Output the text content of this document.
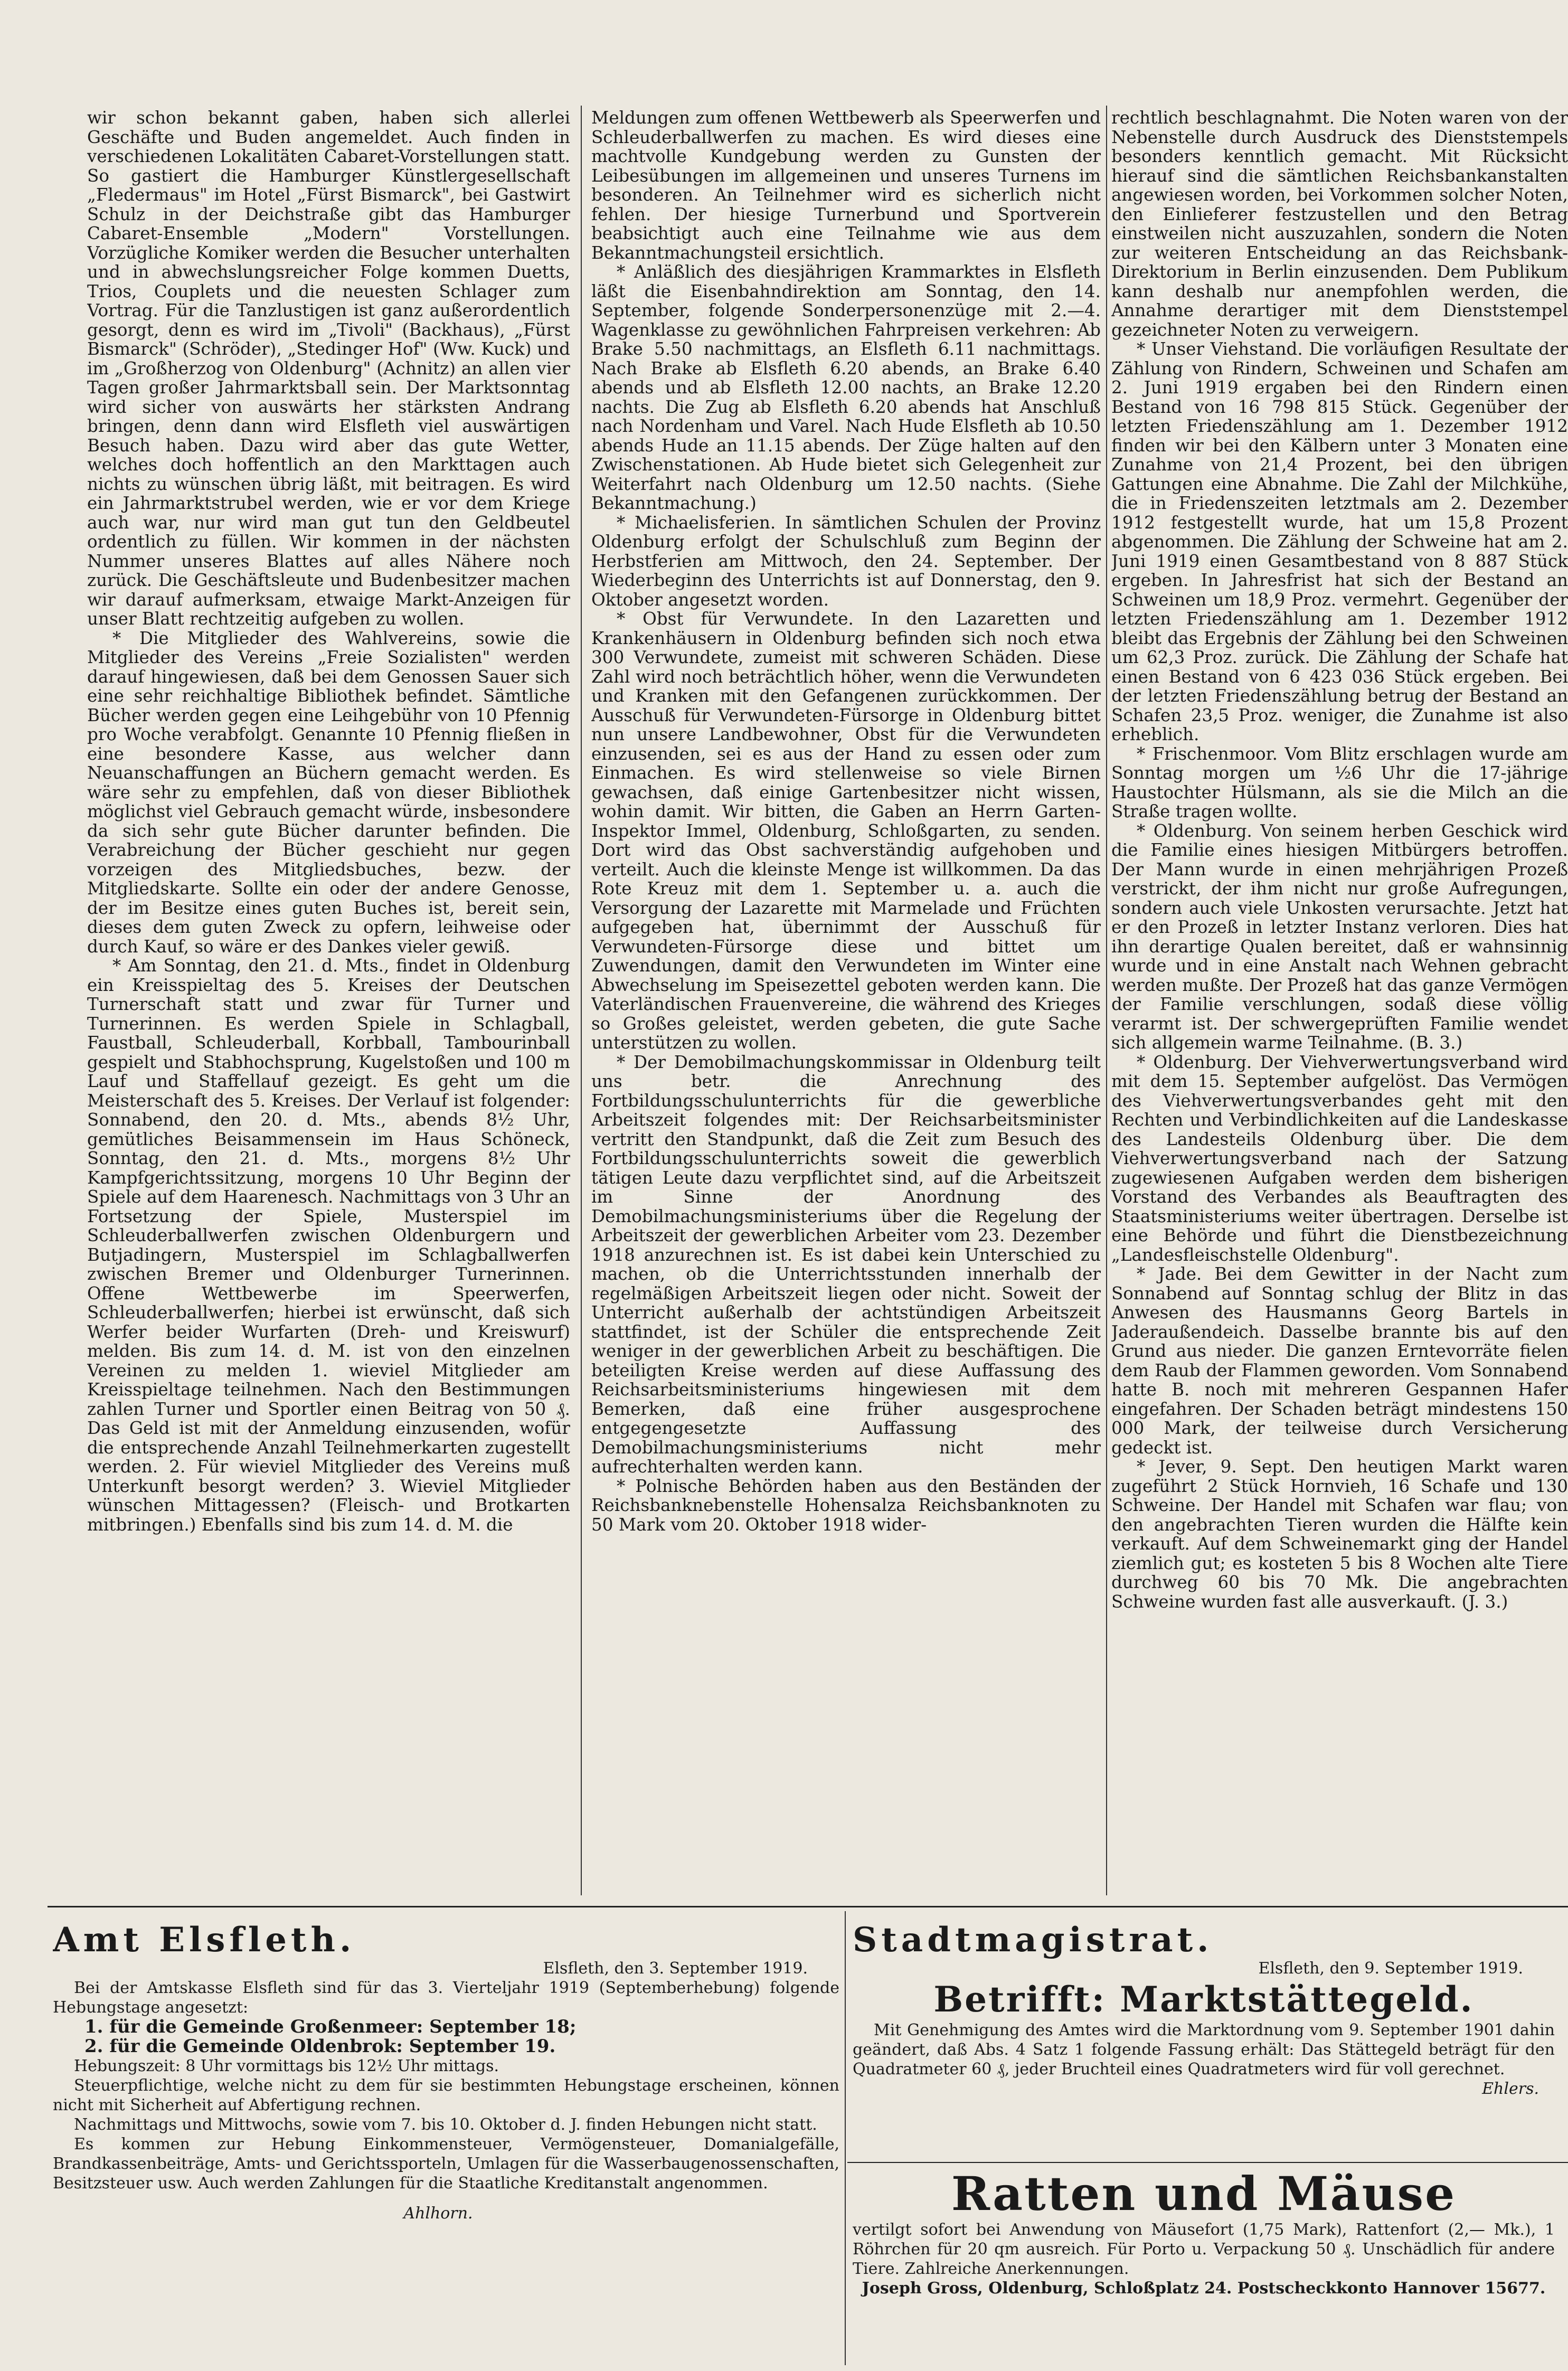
wir schon bekannt gaben, haben sich allerlei Geschäfte und Buden angemeldet. Auch finden in verschiedenen Lokalitäten Cabaret-Vorstellungen statt. So gastiert die Hamburger Künstlergesellschaft „Fledermaus" im Hotel „Fürst Bismarck", bei Gastwirt Schulz in der Deichstraße gibt das Hamburger Cabaret-Ensemble „Modern" Vorstellungen. Vorzügliche Komiker werden die Besucher unterhalten und in abwechslungsreicher Folge kommen Duetts, Trios, Couplets und die neuesten Schlager zum Vortrag. Für die Tanzlustigen ist ganz außerordentlich gesorgt, denn es wird im „Tivoli" (Backhaus), „Fürst Bismarck" (Schröder), „Stedinger Hof" (Ww. Kuck) und im „Großherzog von Oldenburg" (Achnitz) an allen vier Tagen großer Jahrmarktsball sein. Der Marktsonntag wird sicher von auswärts her stärksten Andrang bringen, denn dann wird Elsfleth viel auswärtigen Besuch haben. Dazu wird aber das gute Wetter, welches doch hoffentlich an den Markttagen auch nichts zu wünschen übrig läßt, mit beitragen. Es wird ein Jahrmarktstrubel werden, wie er vor dem Kriege auch war, nur wird man gut tun den Geldbeutel ordentlich zu füllen. Wir kommen in der nächsten Nummer unseres Blattes auf alles Nähere noch zurück. Die Geschäftsleute und Budenbesitzer machen wir darauf aufmerksam, etwaige Markt-Anzeigen für unser Blatt rechtzeitig aufgeben zu wollen.

* Die Mitglieder des Wahlvereins, sowie die Mitglieder des Vereins „Freie Sozialisten" werden darauf hingewiesen, daß bei dem Genossen Sauer sich eine sehr reichhaltige Bibliothek befindet. Sämtliche Bücher werden gegen eine Leihgebühr von 10 Pfennig pro Woche verabfolgt. Genannte 10 Pfennig fließen in eine besondere Kasse, aus welcher dann Neuanschaffungen an Büchern gemacht werden. Es wäre sehr zu empfehlen, daß von dieser Bibliothek möglichst viel Gebrauch gemacht würde, insbesondere da sich sehr gute Bücher darunter befinden. Die Verabreichung der Bücher geschieht nur gegen vorzeigen des Mitgliedsbuches, bezw. der Mitgliedskarte. Sollte ein oder der andere Genosse, der im Besitze eines guten Buches ist, bereit sein, dieses dem guten Zweck zu opfern, leihweise oder durch Kauf, so wäre er des Dankes vieler gewiß.

* Am Sonntag, den 21. d. Mts., findet in Oldenburg ein Kreisspieltag des 5. Kreises der Deutschen Turnerschaft statt und zwar für Turner und Turnerinnen. Es werden Spiele in Schlagball, Faustball, Schleuderball, Korbball, Tambourinball gespielt und Stabhochsprung, Kugelstoßen und 100 m Lauf und Staffellauf gezeigt. Es geht um die Meisterschaft des 5. Kreises. Der Verlauf ist folgender: Sonnabend, den 20. d. Mts., abends 8½ Uhr, gemütliches Beisammensein im Haus Schöneck, Sonntag, den 21. d. Mts., morgens 8½ Uhr Kampfgerichtssitzung, morgens 10 Uhr Beginn der Spiele auf dem Haarenesch. Nachmittags von 3 Uhr an Fortsetzung der Spiele, Musterspiel im Schleuderballwerfen zwischen Oldenburgern und Butjadingern, Musterspiel im Schlagballwerfen zwischen Bremer und Oldenburger Turnerinnen. Offene Wettbewerbe im Speerwerfen, Schleuderballwerfen; hierbei ist erwünscht, daß sich Werfer beider Wurfarten (Dreh- und Kreiswurf) melden. Bis zum 14. d. M. ist von den einzelnen Vereinen zu melden 1. wieviel Mitglieder am Kreisspieltage teilnehmen. Nach den Bestimmungen zahlen Turner und Sportler einen Beitrag von 50 ₰. Das Geld ist mit der Anmeldung einzusenden, wofür die entsprechende Anzahl Teilnehmerkarten zugestellt werden. 2. Für wieviel Mitglieder des Vereins muß Unterkunft besorgt werden? 3. Wieviel Mitglieder wünschen Mittagessen? (Fleisch- und Brotkarten mitbringen.) Ebenfalls sind bis zum 14. d. M. die

Meldungen zum offenen Wettbewerb als Speerwerfen und Schleuderballwerfen zu machen. Es wird dieses eine machtvolle Kundgebung werden zu Gunsten der Leibesübungen im allgemeinen und unseres Turnens im besonderen. An Teilnehmer wird es sicherlich nicht fehlen. Der hiesige Turnerbund und Sportverein beabsichtigt auch eine Teilnahme wie aus dem Bekanntmachungsteil ersichtlich.

* Anläßlich des diesjährigen Krammarktes in Elsfleth läßt die Eisenbahndirektion am Sonntag, den 14. September, folgende Sonderpersonenzüge mit 2.—4. Wagenklasse zu gewöhnlichen Fahrpreisen verkehren: Ab Brake 5.50 nachmittags, an Elsfleth 6.11 nachmittags. Nach Brake ab Elsfleth 6.20 abends, an Brake 6.40 abends und ab Elsfleth 12.00 nachts, an Brake 12.20 nachts. Die Zug ab Elsfleth 6.20 abends hat Anschluß nach Nordenham und Varel. Nach Hude Elsfleth ab 10.50 abends Hude an 11.15 abends. Der Züge halten auf den Zwischenstationen. Ab Hude bietet sich Gelegenheit zur Weiterfahrt nach Oldenburg um 12.50 nachts. (Siehe Bekanntmachung.)

* Michaelisferien. In sämtlichen Schulen der Provinz Oldenburg erfolgt der Schulschluß zum Beginn der Herbstferien am Mittwoch, den 24. September. Der Wiederbeginn des Unterrichts ist auf Donnerstag, den 9. Oktober angesetzt worden.

* Obst für Verwundete. In den Lazaretten und Krankenhäusern in Oldenburg befinden sich noch etwa 300 Verwundete, zumeist mit schweren Schäden. Diese Zahl wird noch beträchtlich höher, wenn die Verwundeten und Kranken mit den Gefangenen zurückkommen. Der Ausschuß für Verwundeten-Fürsorge in Oldenburg bittet nun unsere Landbewohner, Obst für die Verwundeten einzusenden, sei es aus der Hand zu essen oder zum Einmachen. Es wird stellenweise so viele Birnen gewachsen, daß einige Gartenbesitzer nicht wissen, wohin damit. Wir bitten, die Gaben an Herrn Garten-Inspektor Immel, Oldenburg, Schloßgarten, zu senden. Dort wird das Obst sachverständig aufgehoben und verteilt. Auch die kleinste Menge ist willkommen. Da das Rote Kreuz mit dem 1. September u. a. auch die Versorgung der Lazarette mit Marmelade und Früchten aufgegeben hat, übernimmt der Ausschuß für Verwundeten-Fürsorge diese und bittet um Zuwendungen, damit den Verwundeten im Winter eine Abwechselung im Speisezettel geboten werden kann. Die Vaterländischen Frauenvereine, die während des Krieges so Großes geleistet, werden gebeten, die gute Sache unterstützen zu wollen.

* Der Demobilmachungskommissar in Oldenburg teilt uns betr. die Anrechnung des Fortbildungsschulunterrichts für die gewerbliche Arbeitszeit folgendes mit: Der Reichsarbeitsminister vertritt den Standpunkt, daß die Zeit zum Besuch des Fortbildungsschulunterrichts soweit die gewerblich tätigen Leute dazu verpflichtet sind, auf die Arbeitszeit im Sinne der Anordnung des Demobilmachungsministeriums über die Regelung der Arbeitszeit der gewerblichen Arbeiter vom 23. Dezember 1918 anzurechnen ist. Es ist dabei kein Unterschied zu machen, ob die Unterrichtsstunden innerhalb der regelmäßigen Arbeitszeit liegen oder nicht. Soweit der Unterricht außerhalb der achtstündigen Arbeitszeit stattfindet, ist der Schüler die entsprechende Zeit weniger in der gewerblichen Arbeit zu beschäftigen. Die beteiligten Kreise werden auf diese Auffassung des Reichsarbeitsministeriums hingewiesen mit dem Bemerken, daß eine früher ausgesprochene entgegengesetzte Auffassung des Demobilmachungsministeriums nicht mehr aufrechterhalten werden kann.

* Polnische Behörden haben aus den Beständen der Reichsbanknebenstelle Hohensalza Reichsbanknoten zu 50 Mark vom 20. Oktober 1918 wider-

rechtlich beschlagnahmt. Die Noten waren von der Nebenstelle durch Ausdruck des Dienststempels besonders kenntlich gemacht. Mit Rücksicht hierauf sind die sämtlichen Reichsbankanstalten angewiesen worden, bei Vorkommen solcher Noten, den Einlieferer festzustellen und den Betrag einstweilen nicht auszuzahlen, sondern die Noten zur weiteren Entscheidung an das Reichsbank-Direktorium in Berlin einzusenden. Dem Publikum kann deshalb nur anempfohlen werden, die Annahme derartiger mit dem Dienststempel gezeichneter Noten zu verweigern.

* Unser Viehstand. Die vorläufigen Resultate der Zählung von Rindern, Schweinen und Schafen am 2. Juni 1919 ergaben bei den Rindern einen Bestand von 16 798 815 Stück. Gegenüber der letzten Friedenszählung am 1. Dezember 1912 finden wir bei den Kälbern unter 3 Monaten eine Zunahme von 21,4 Prozent, bei den übrigen Gattungen eine Abnahme. Die Zahl der Milchkühe, die in Friedenszeiten letztmals am 2. Dezember 1912 festgestellt wurde, hat um 15,8 Prozent abgenommen. Die Zählung der Schweine hat am 2. Juni 1919 einen Gesamtbestand von 8 887 Stück ergeben. In Jahresfrist hat sich der Bestand an Schweinen um 18,9 Proz. vermehrt. Gegenüber der letzten Friedenszählung am 1. Dezember 1912 bleibt das Ergebnis der Zählung bei den Schweinen um 62,3 Proz. zurück. Die Zählung der Schafe hat einen Bestand von 6 423 036 Stück ergeben. Bei der letzten Friedenszählung betrug der Bestand an Schafen 23,5 Proz. weniger, die Zunahme ist also erheblich.

* Frischenmoor. Vom Blitz erschlagen wurde am Sonntag morgen um ½6 Uhr die 17-jährige Haustochter Hülsmann, als sie die Milch an die Straße tragen wollte.

* Oldenburg. Von seinem herben Geschick wird die Familie eines hiesigen Mitbürgers betroffen. Der Mann wurde in einen mehrjährigen Prozeß verstrickt, der ihm nicht nur große Aufregungen, sondern auch viele Unkosten verursachte. Jetzt hat er den Prozeß in letzter Instanz verloren. Dies hat ihn derartige Qualen bereitet, daß er wahnsinnig wurde und in eine Anstalt nach Wehnen gebracht werden mußte. Der Prozeß hat das ganze Vermögen der Familie verschlungen, sodaß diese völlig verarmt ist. Der schwergeprüften Familie wendet sich allgemein warme Teilnahme. (B. 3.)

* Oldenburg. Der Viehverwertungsverband wird mit dem 15. September aufgelöst. Das Vermögen des Viehverwertungsverbandes geht mit den Rechten und Verbindlichkeiten auf die Landeskasse des Landesteils Oldenburg über. Die dem Viehverwertungsverband nach der Satzung zugewiesenen Aufgaben werden dem bisherigen Vorstand des Verbandes als Beauftragten des Staatsministeriums weiter übertragen. Derselbe ist eine Behörde und führt die Dienstbezeichnung „Landesfleischstelle Oldenburg".

* Jade. Bei dem Gewitter in der Nacht zum Sonnabend auf Sonntag schlug der Blitz in das Anwesen des Hausmanns Georg Bartels in Jaderaußendeich. Dasselbe brannte bis auf den Grund aus nieder. Die ganzen Erntevorräte fielen dem Raub der Flammen geworden. Vom Sonnabend hatte B. noch mit mehreren Gespannen Hafer eingefahren. Der Schaden beträgt mindestens 150 000 Mark, der teilweise durch Versicherung gedeckt ist.

* Jever, 9. Sept. Den heutigen Markt waren zugeführt 2 Stück Hornvieh, 16 Schafe und 130 Schweine. Der Handel mit Schafen war flau; von den angebrachten Tieren wurden die Hälfte kein verkauft. Auf dem Schweinemarkt ging der Handel ziemlich gut; es kosteten 5 bis 8 Wochen alte Tiere durchweg 60 bis 70 Mk. Die angebrachten Schweine wurden fast alle ausverkauft. (J. 3.)

Amt Elsfleth.
Elsfleth, den 3. September 1919.

Bei der Amtskasse Elsfleth sind für das 3. Vierteljahr 1919 (Septemberhebung) folgende Hebungstage angesetzt:

1. für die Gemeinde Großenmeer: September 18;
2. für die Gemeinde Oldenbrok: September 19.

Hebungszeit: 8 Uhr vormittags bis 12½ Uhr mittags.

Steuerpflichtige, welche nicht zu dem für sie bestimmten Hebungstage erscheinen, können nicht mit Sicherheit auf Abfertigung rechnen.

Nachmittags und Mittwochs, sowie vom 7. bis 10. Oktober d. J. finden Hebungen nicht statt.

Es kommen zur Hebung Einkommensteuer, Vermögensteuer, Domanialgefälle, Brandkassenbeiträge, Amts- und Gerichtssporteln, Umlagen für die Wasserbaugenossenschaften, Besitzsteuer usw. Auch werden Zahlungen für die Staatliche Kreditanstalt angenommen.

Ahlhorn.
Stadtmagistrat.
Elsfleth, den 9. September 1919.
Betrifft: Marktstättegeld.

Mit Genehmigung des Amtes wird die Marktordnung vom 9. September 1901 dahin geändert, daß Abs. 4 Satz 1 folgende Fassung erhält: Das Stättegeld beträgt für den Quadratmeter 60 ₰, jeder Bruchteil eines Quadratmeters wird für voll gerechnet.

Ehlers.
Ratten und Mäuse

vertilgt sofort bei Anwendung von Mäusefort (1,75 Mark), Rattenfort (2,— Mk.), 1 Röhrchen für 20 qm ausreich. Für Porto u. Verpackung 50 ₰. Unschädlich für andere Tiere. Zahlreiche Anerkennungen.

Joseph Gross, Oldenburg, Schloßplatz 24. Postscheckkonto Hannover 15677.
